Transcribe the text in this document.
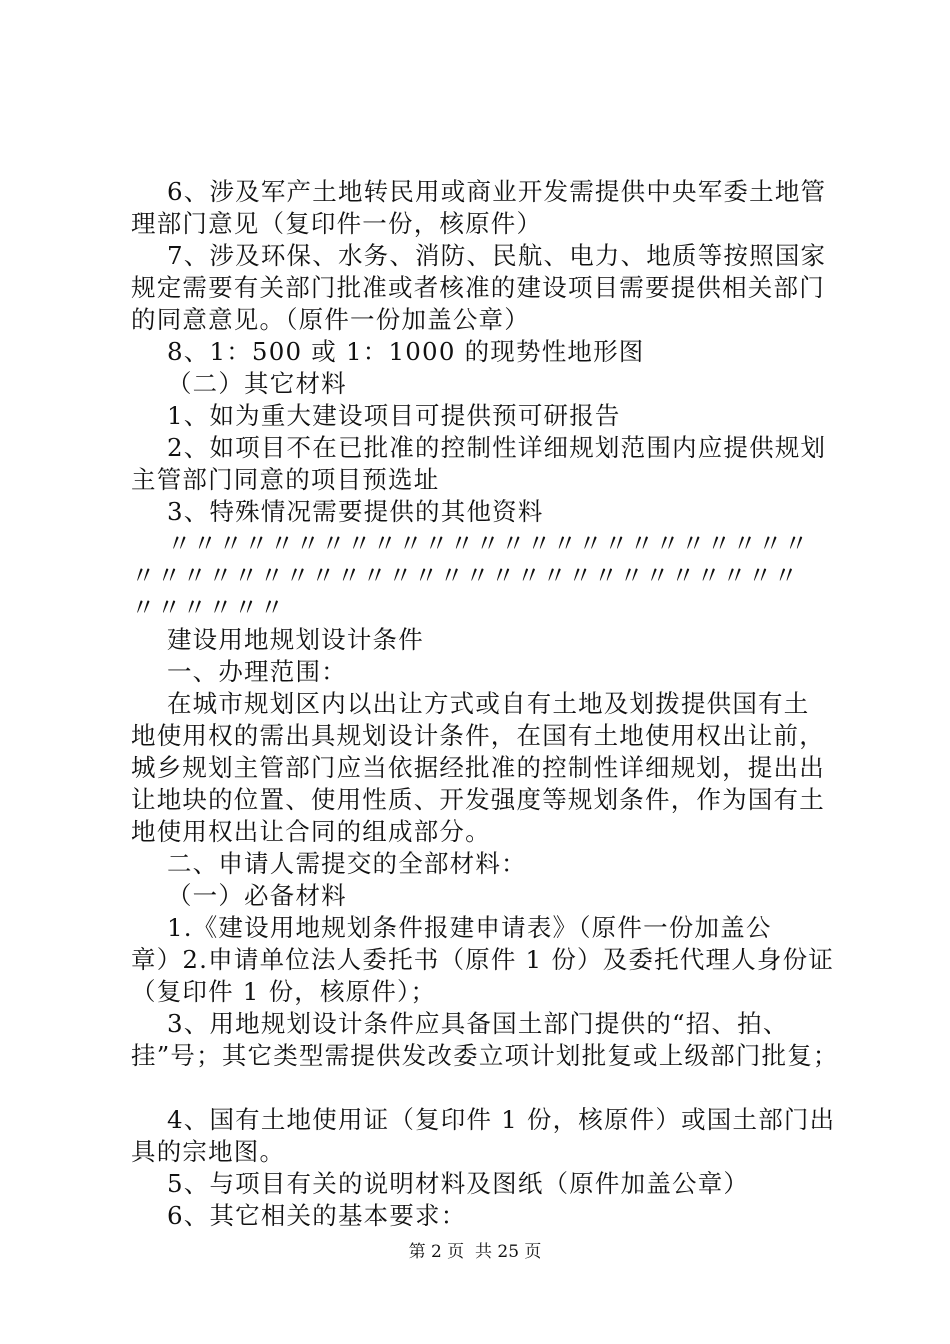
6、涉及军产土地转民用或商业开发需提供中央军委土地管
理部门意见（复印件一份，核原件）
7、涉及环保、水务、消防、民航、电力、地质等按照国家
规定需要有关部门批准或者核准的建设项目需要提供相关部门
的同意意见。（原件一份加盖公章）
8、1：500 或 1：1000 的现势性地形图
（二）其它材料
1、如为重大建设项目可提供预可研报告
2、如项目不在已批准的控制性详细规划范围内应提供规划
主管部门同意的项目预选址
3、特殊情况需要提供的其他资料
〃〃〃〃〃〃〃〃〃〃〃〃〃〃〃〃〃〃〃〃〃〃〃〃〃
〃〃〃〃〃〃〃〃〃〃〃〃〃〃〃〃〃〃〃〃〃〃〃〃〃〃
〃〃〃〃〃〃
建设用地规划设计条件
一、办理范围：
在城市规划区内以出让方式或自有土地及划拨提供国有土
地使用权的需出具规划设计条件，在国有土地使用权出让前，
城乡规划主管部门应当依据经批准的控制性详细规划，提出出
让地块的位置、使用性质、开发强度等规划条件，作为国有土
地使用权出让合同的组成部分。
二、申请人需提交的全部材料：
（一）必备材料
1.《建设用地规划条件报建申请表》（原件一份加盖公
章）2.申请单位法人委托书（原件 1 份）及委托代理人身份证
（复印件 1 份，核原件）；
3、用地规划设计条件应具备国土部门提供的“招、拍、
挂”号；其它类型需提供发改委立项计划批复或上级部门批复；
4、国有土地使用证（复印件 1 份，核原件）或国土部门出
具的宗地图。
5、与项目有关的说明材料及图纸（原件加盖公章）
6、其它相关的基本要求：
第 2 页  共 25 页
